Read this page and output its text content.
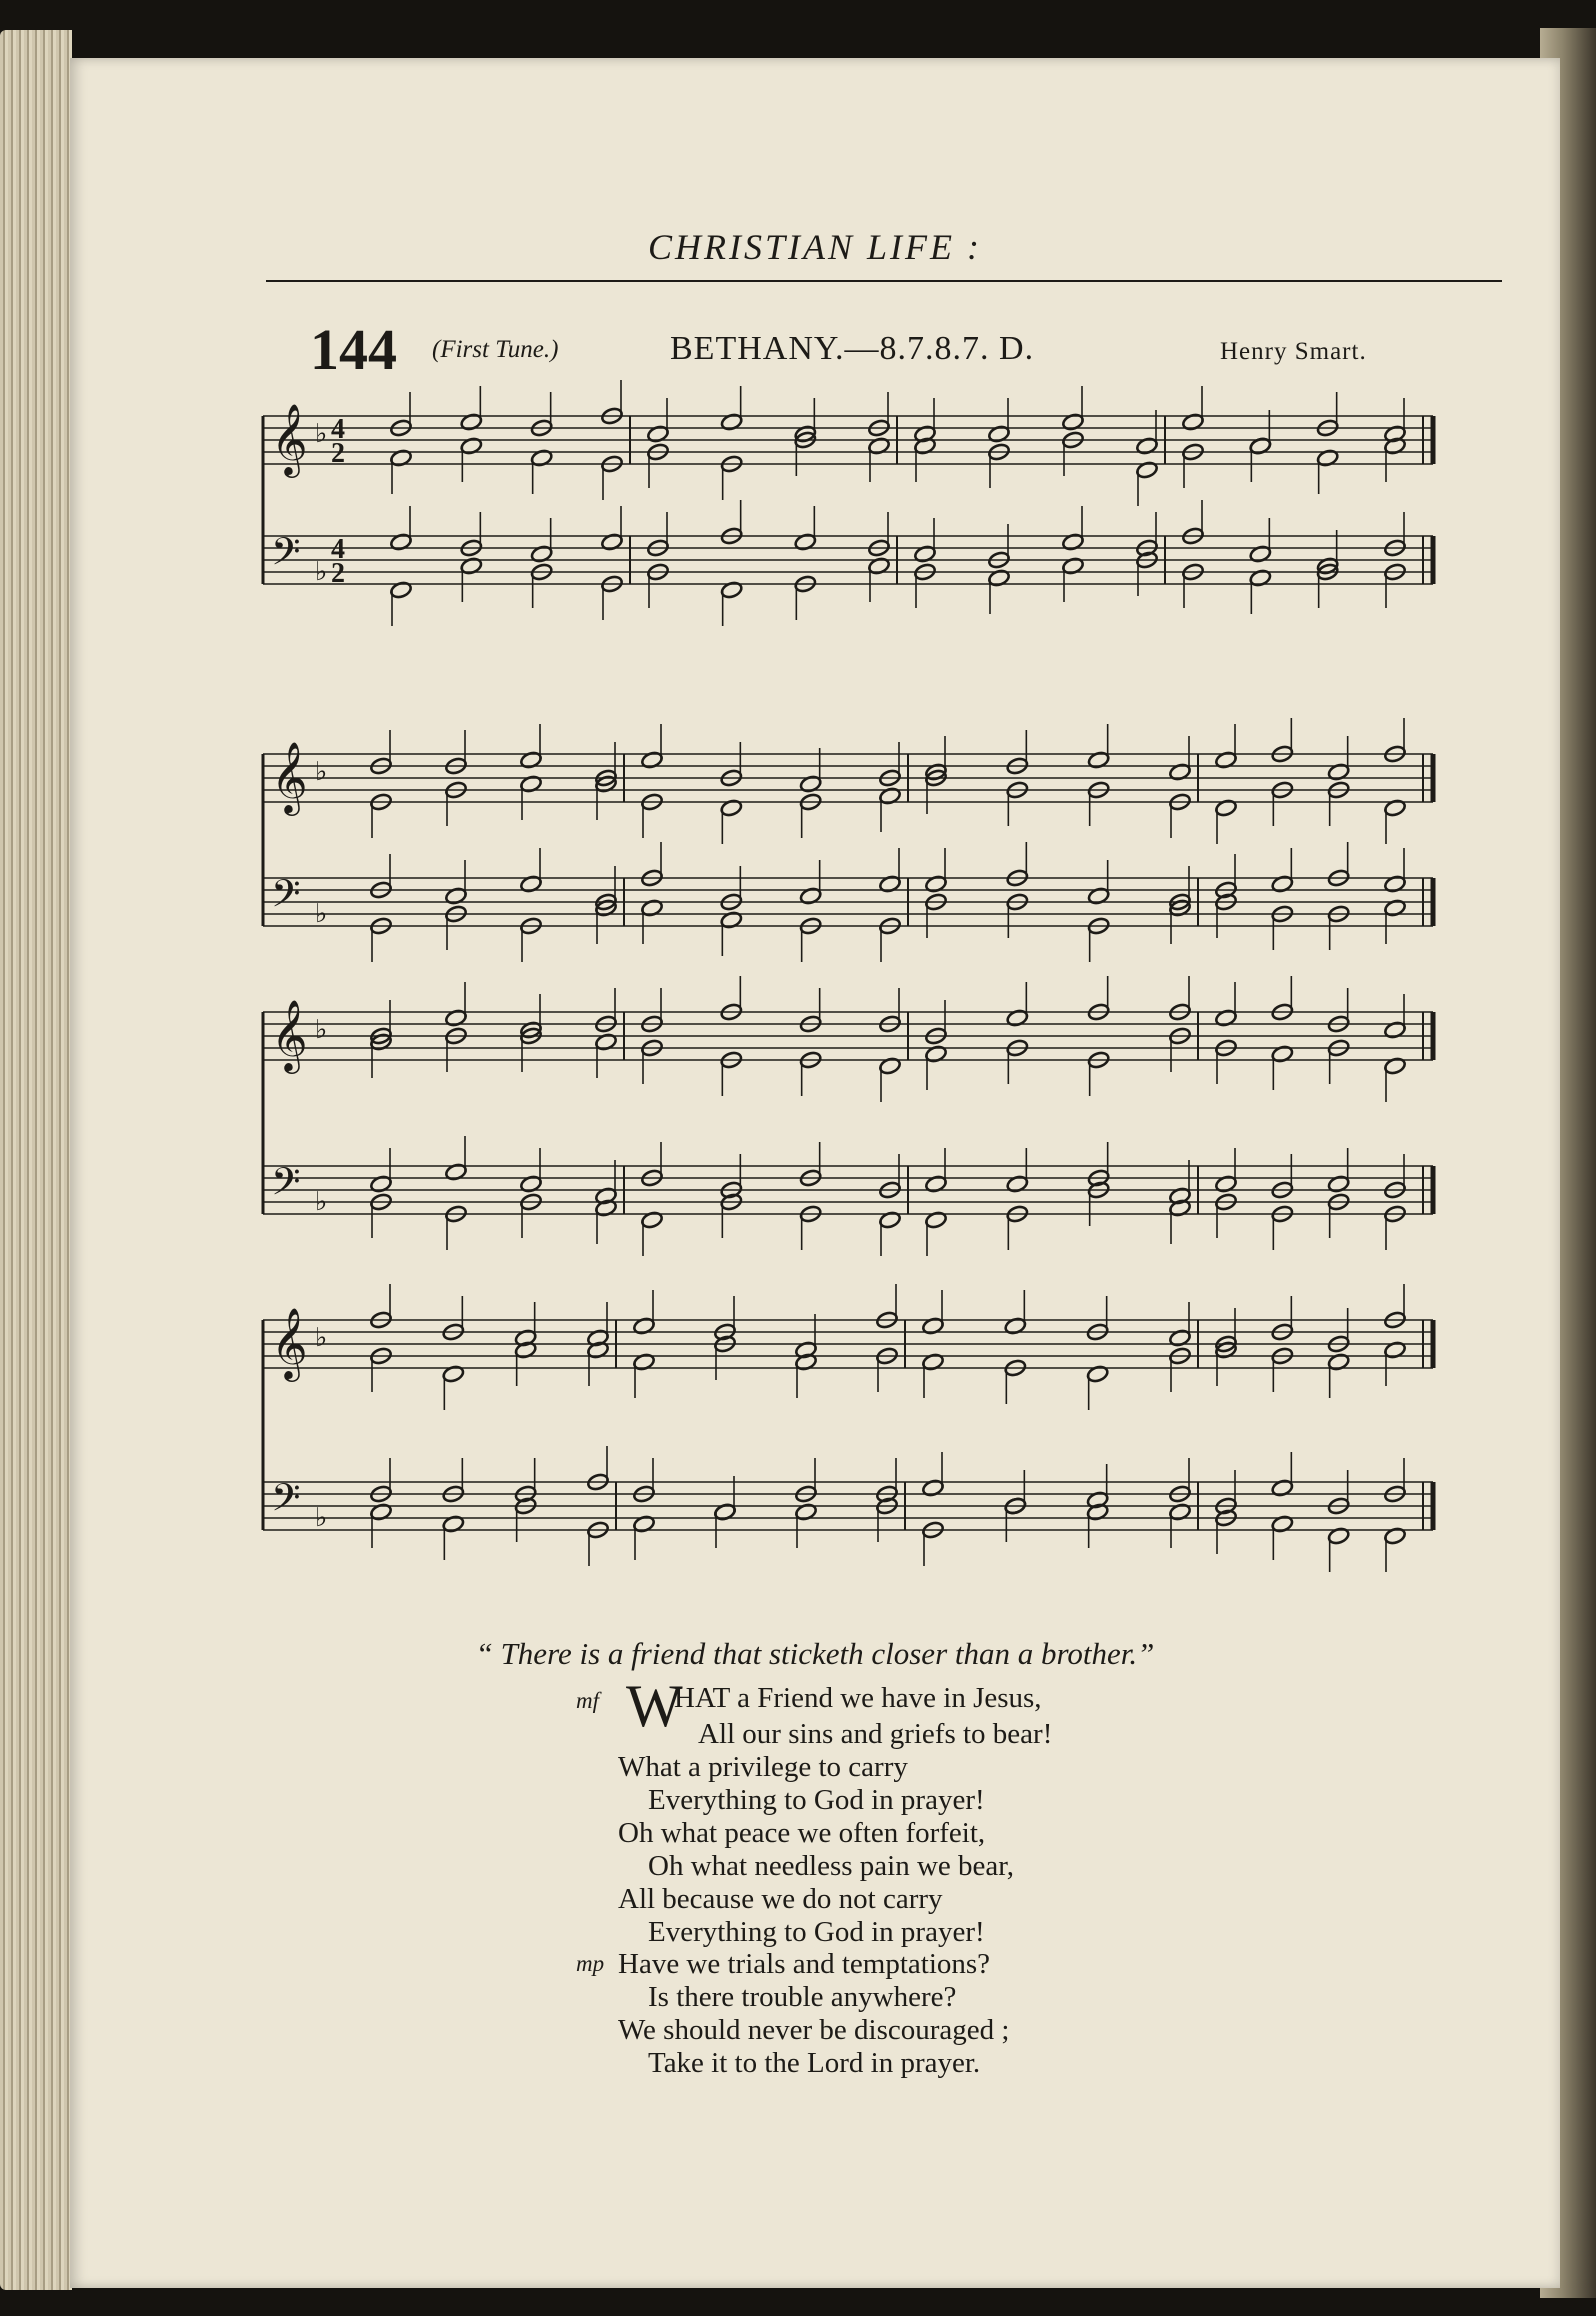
CHRISTIAN LIFE :
144 (First Tune.)	BETHANY.—8.7.8.7. D.	Henry Smart.
𝄞 ♭ 4
2
𝄢 ♭
4
2
𝄞 ♭
𝄢 ♭
𝄞 ♭
𝄢 ♭
𝄞 ♭
𝄢 ♭
“ There is a friend that sticketh closer than a brother.”
mf W
HAT a Friend we have in Jesus,
All our sins and griefs to bear!
What a privilege to carry
Everything to God in prayer!
Oh what peace we often forfeit,
Oh what needless pain we bear,
All because we do not carry
Everything to God in prayer!
mp Have we trials and temptations?
Is there trouble anywhere?
We should never be discouraged ;
Take it to the Lord in prayer.
